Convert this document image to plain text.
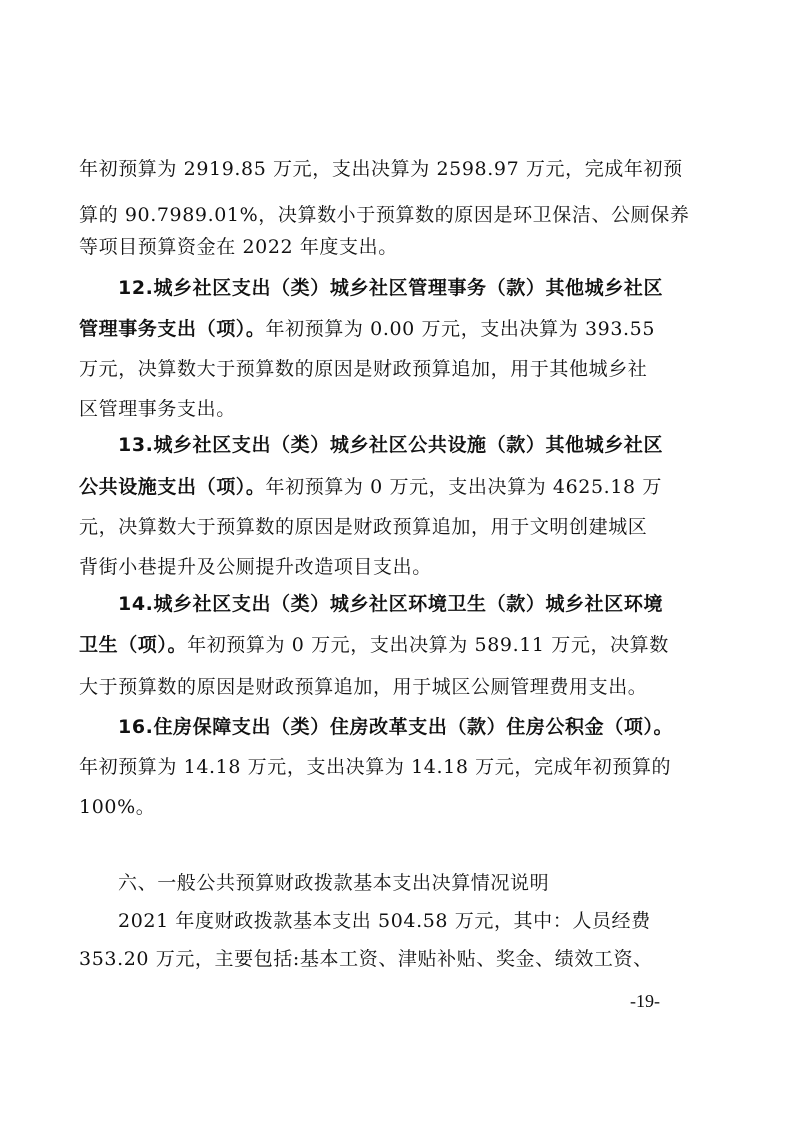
年初预算为 2919.85 万元，支出决算为 2598.97 万元，完成年初预
算的 90.7989.01%，决算数小于预算数的原因是环卫保洁、公厕保养
等项目预算资金在 2022 年度支出。
12.城乡社区支出（类）城乡社区管理事务（款）其他城乡社区
管理事务支出（项）。年初预算为 0.00 万元，支出决算为 393.55
万元，决算数大于预算数的原因是财政预算追加，用于其他城乡社
区管理事务支出。
13.城乡社区支出（类）城乡社区公共设施（款）其他城乡社区
公共设施支出（项）。年初预算为 0 万元，支出决算为 4625.18 万
元，决算数大于预算数的原因是财政预算追加，用于文明创建城区
背街小巷提升及公厕提升改造项目支出。
14.城乡社区支出（类）城乡社区环境卫生（款）城乡社区环境
卫生（项）。年初预算为 0 万元，支出决算为 589.11 万元，决算数
大于预算数的原因是财政预算追加，用于城区公厕管理费用支出。
16.住房保障支出（类）住房改革支出（款）住房公积金（项）。
年初预算为 14.18 万元，支出决算为 14.18 万元，完成年初预算的
100%。
六、一般公共预算财政拨款基本支出决算情况说明
2021 年度财政拨款基本支出 504.58 万元，其中：人员经费
353.20 万元，主要包括:基本工资、津贴补贴、奖金、绩效工资、
-19-
